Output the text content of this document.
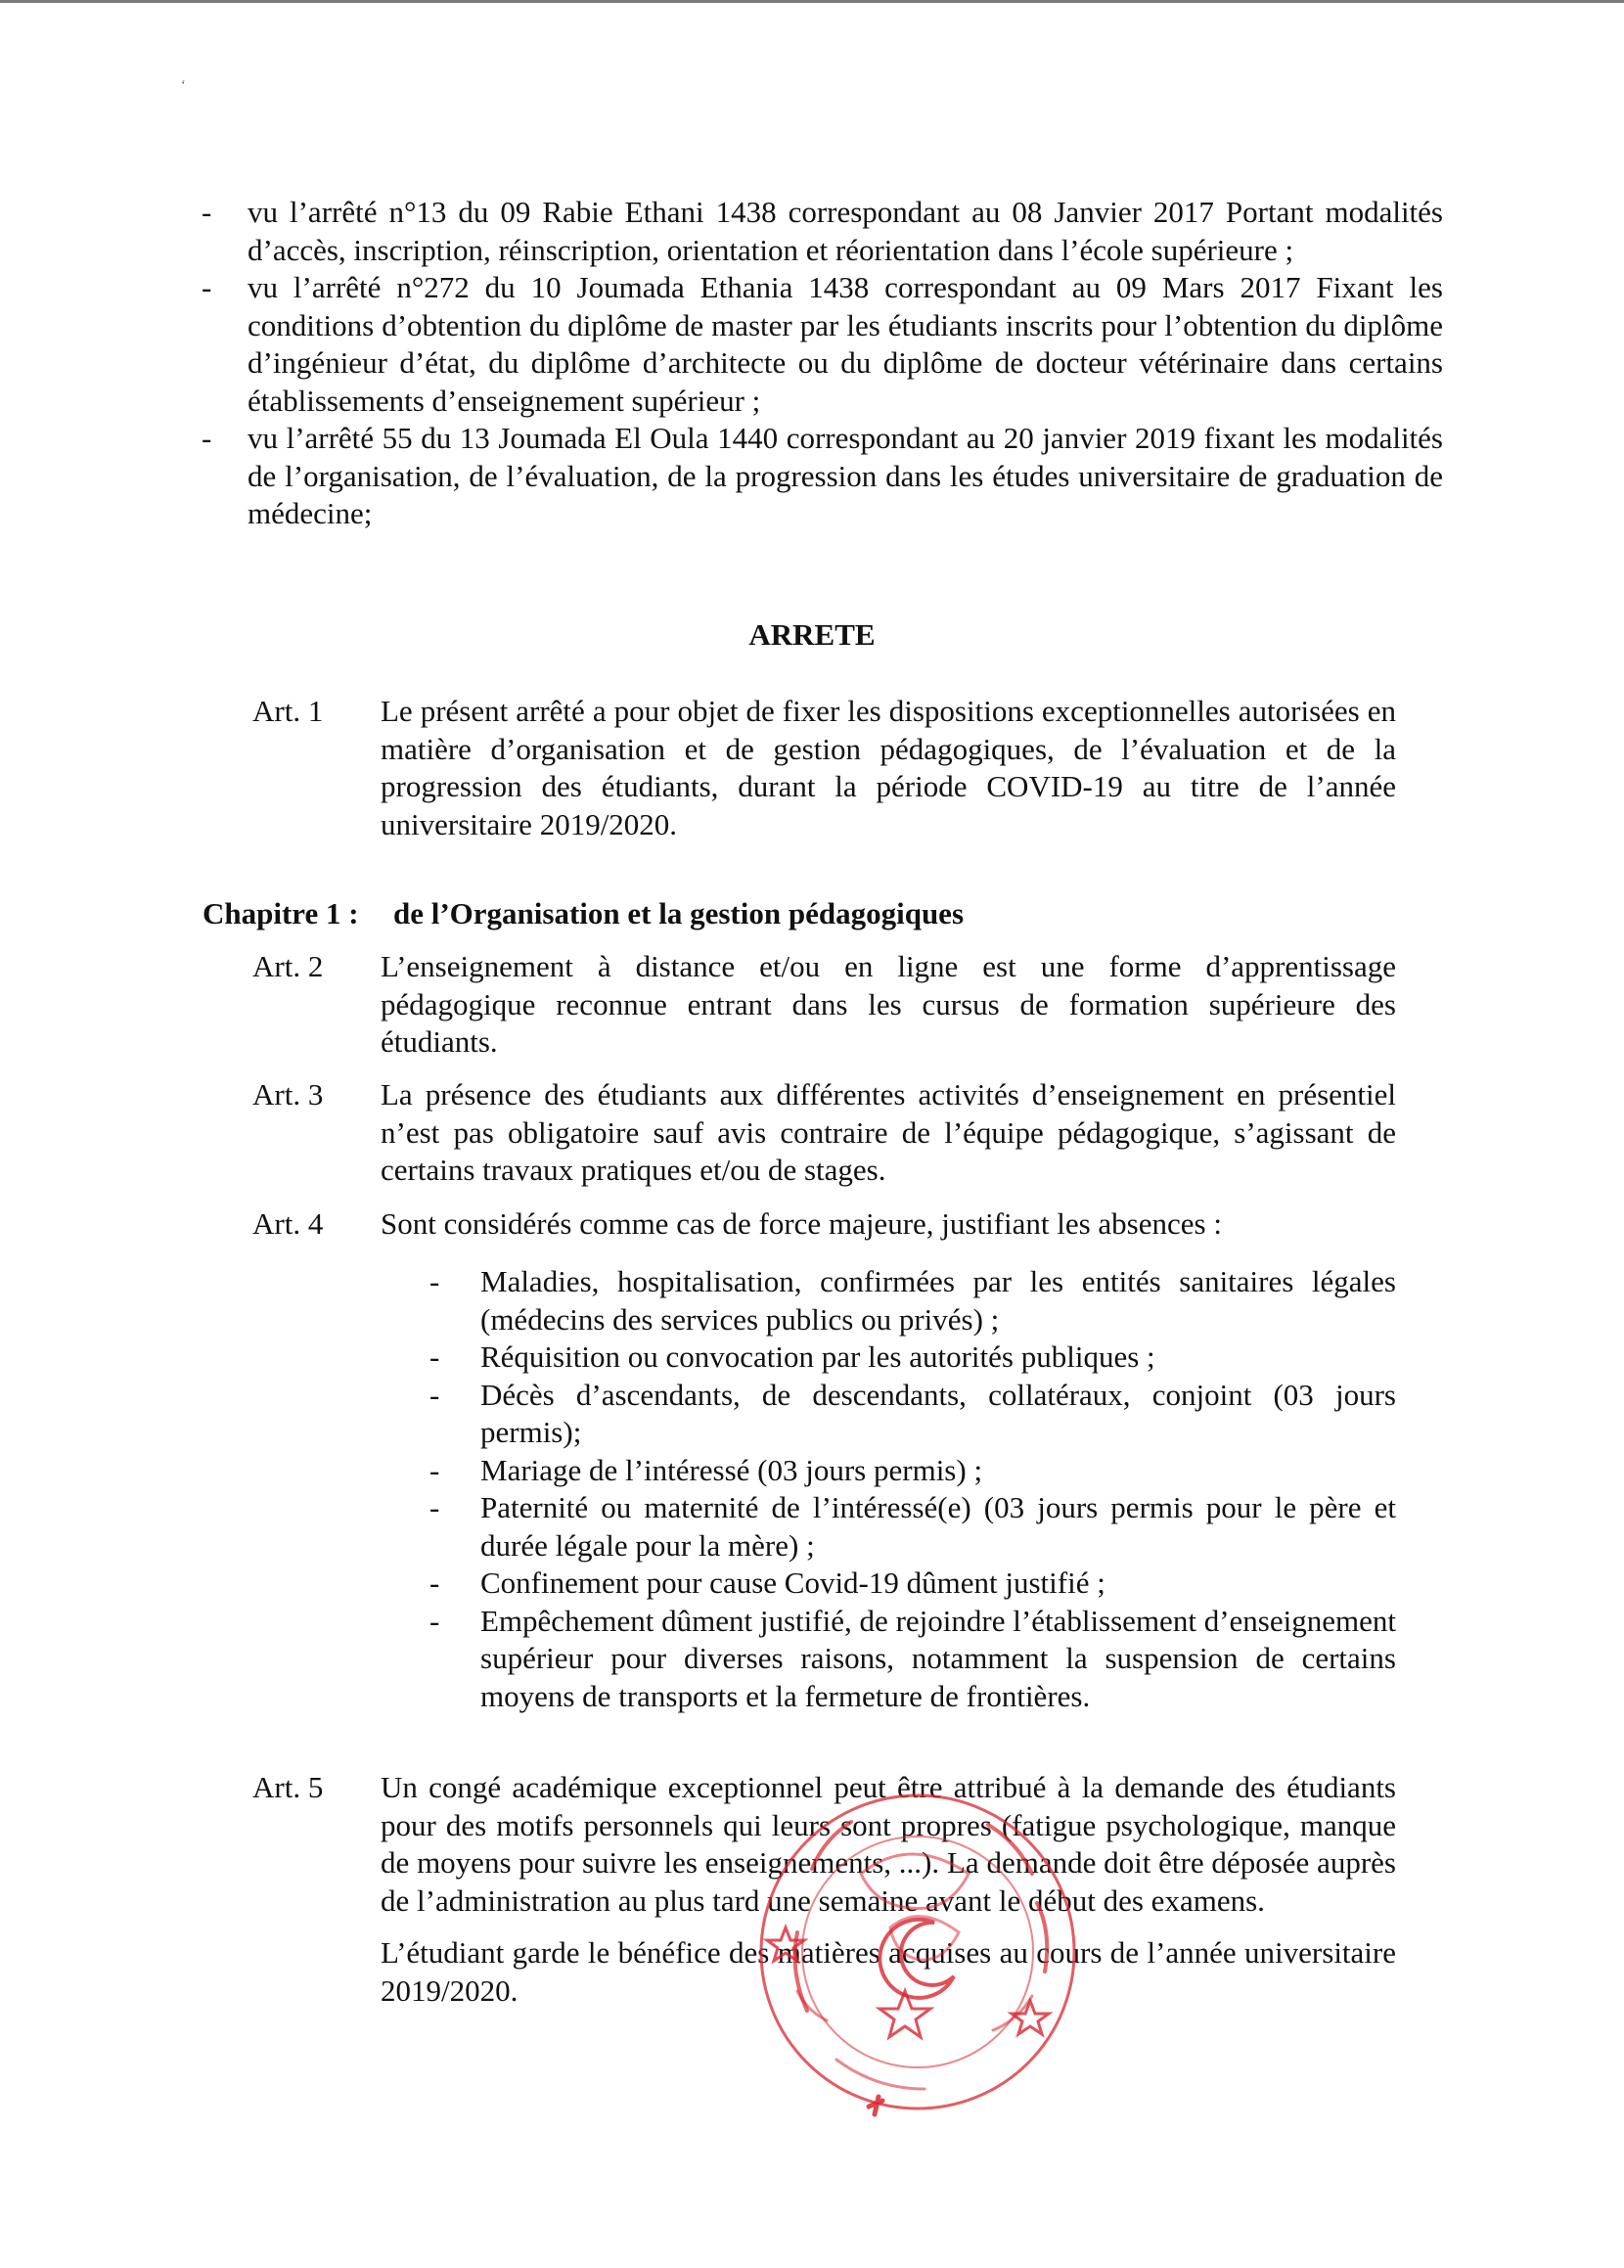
‘
- vu l’arrêté n°13 du 09 Rabie Ethani 1438 correspondant au 08 Janvier 2017 Portant modalités d’accès, inscription, réinscription, orientation et réorientation dans l’école supérieure ;
- vu l’arrêté n°272 du 10 Joumada Ethania 1438 correspondant au 09 Mars 2017 Fixant les conditions d’obtention du diplôme de master par les étudiants inscrits pour l’obtention du diplôme d’ingénieur d’état, du diplôme d’architecte ou du diplôme de docteur vétérinaire dans certains établissements d’enseignement supérieur ;
- vu l’arrêté 55 du 13 Joumada El Oula 1440 correspondant au 20 janvier 2019 fixant les modalités de l’organisation, de l’évaluation, de la progression dans les études universitaire de graduation de médecine;
ARRETE
Art. 1 Le présent arrêté a pour objet de fixer les dispositions exceptionnelles autorisées en matière d’organisation et de gestion pédagogiques, de l’évaluation et de la progression des étudiants, durant la période COVID-19 au titre de l’année universitaire 2019/2020.
Chapitre 1 : de l’Organisation et la gestion pédagogiques
Art. 2 L’enseignement à distance et/ou en ligne est une forme d’apprentissage pédagogique reconnue entrant dans les cursus de formation supérieure des étudiants.
Art. 3 La présence des étudiants aux différentes activités d’enseignement en présentiel n’est pas obligatoire sauf avis contraire de l’équipe pédagogique, s’agissant de certains travaux pratiques et/ou de stages.
Art. 4 Sont considérés comme cas de force majeure, justifiant les absences :
- Maladies, hospitalisation, confirmées par les entités sanitaires légales (médecins des services publics ou privés) ;
- Réquisition ou convocation par les autorités publiques ;
- Décès d’ascendants, de descendants, collatéraux, conjoint (03 jours permis);
- Mariage de l’intéressé (03 jours permis) ;
- Paternité ou maternité de l’intéressé(e) (03 jours permis pour le père et durée légale pour la mère) ;
- Confinement pour cause Covid-19 dûment justifié ;
- Empêchement dûment justifié, de rejoindre l’établissement d’enseignement supérieur pour diverses raisons, notamment la suspension de certains moyens de transports et la fermeture de frontières.
Art. 5 Un congé académique exceptionnel peut être attribué à la demande des étudiants pour des motifs personnels qui leurs sont propres (fatigue psychologique, manque de moyens pour suivre les enseignements, ...). La demande doit être déposée auprès de l’administration au plus tard une semaine avant le début des examens.

L’étudiant garde le bénéfice des matières acquises au cours de l’année universitaire 2019/2020.
